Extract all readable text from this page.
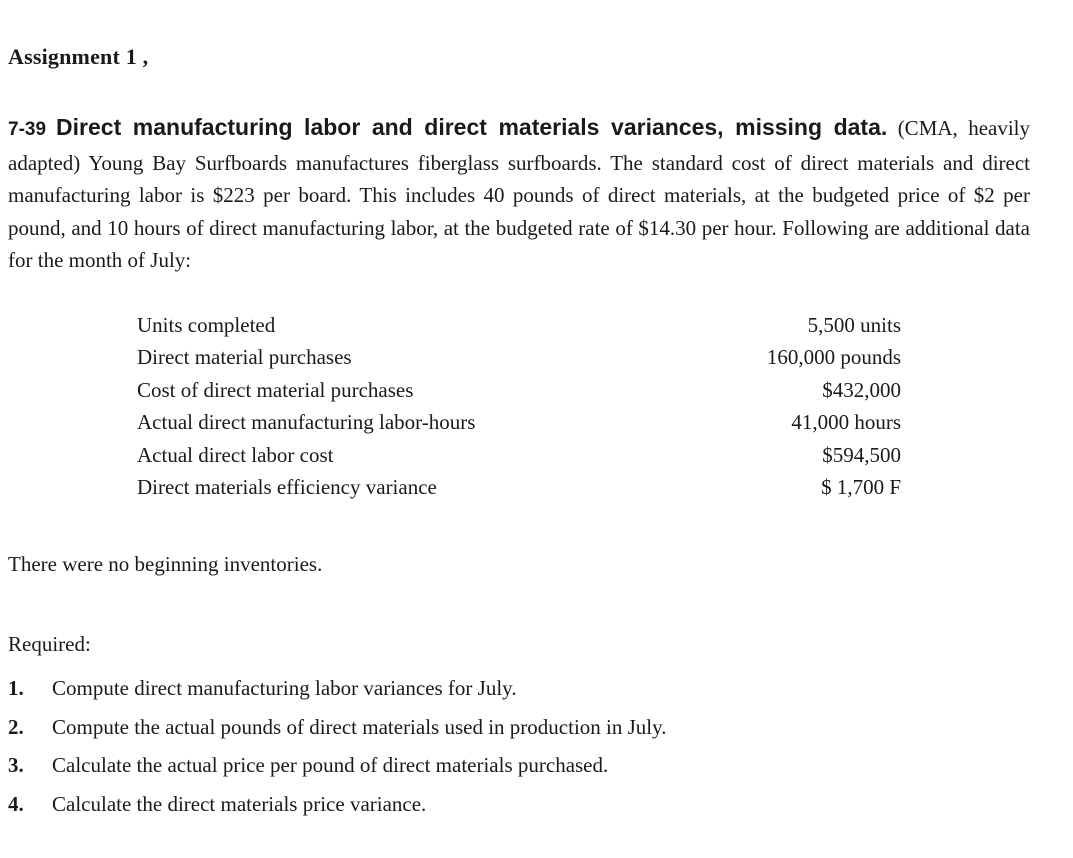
Assignment 1 ,
7-39 Direct manufacturing labor and direct materials variances, missing data. (CMA, heavily adapted) Young Bay Surfboards manufactures fiberglass surfboards. The standard cost of direct materials and direct manufacturing labor is $223 per board. This includes 40 pounds of direct materials, at the budgeted price of $2 per pound, and 10 hours of direct manufacturing labor, at the budgeted rate of $14.30 per hour. Following are additional data for the month of July:
Units completed	5,500 units
Direct material purchases	160,000 pounds
Cost of direct material purchases	$432,000
Actual direct manufacturing labor-hours	41,000 hours
Actual direct labor cost	$594,500
Direct materials efficiency variance	$ 1,700 F
There were no beginning inventories.
Required:
1. Compute direct manufacturing labor variances for July.
2. Compute the actual pounds of direct materials used in production in July.
3. Calculate the actual price per pound of direct materials purchased.
4. Calculate the direct materials price variance.
